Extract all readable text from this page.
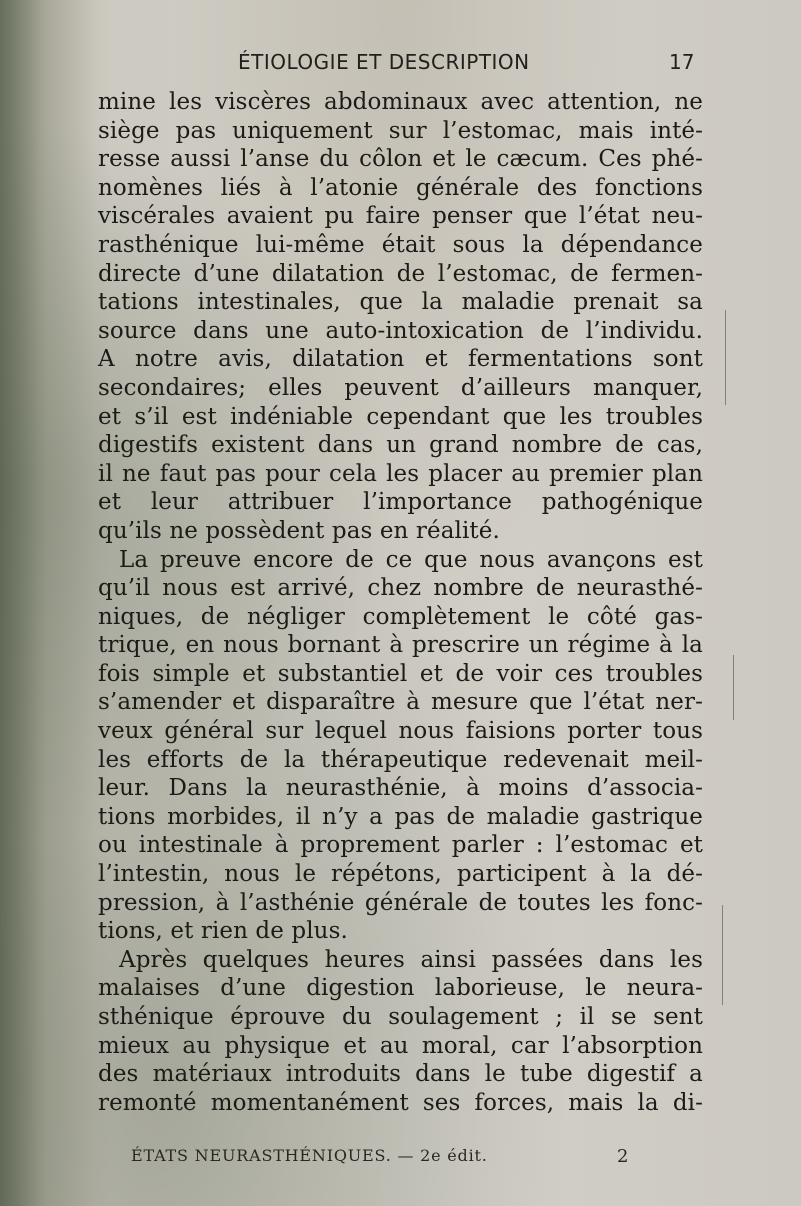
ÉTIOLOGIE ET DESCRIPTION	17
mine les viscères abdominaux avec attention, ne
siège pas uniquement sur l’estomac, mais inté-
resse aussi l’anse du côlon et le cæcum. Ces phé-
nomènes liés à l’atonie générale des fonctions
viscérales avaient pu faire penser que l’état neu-
rasthénique lui-même était sous la dépendance
directe d’une dilatation de l’estomac, de fermen-
tations intestinales, que la maladie prenait sa
source dans une auto-intoxication de l’individu.
A notre avis, dilatation et fermentations sont
secondaires; elles peuvent d’ailleurs manquer,
et s’il est indéniable cependant que les troubles
digestifs existent dans un grand nombre de cas,
il ne faut pas pour cela les placer au premier plan
et leur attribuer l’importance pathogénique
qu’ils ne possèdent pas en réalité.
La preuve encore de ce que nous avançons est
qu’il nous est arrivé, chez nombre de neurasthé-
niques, de négliger complètement le côté gas-
trique, en nous bornant à prescrire un régime à la
fois simple et substantiel et de voir ces troubles
s’amender et disparaître à mesure que l’état ner-
veux général sur lequel nous faisions porter tous
les efforts de la thérapeutique redevenait meil-
leur. Dans la neurasthénie, à moins d’associa-
tions morbides, il n’y a pas de maladie gastrique
ou intestinale à proprement parler : l’estomac et
l’intestin, nous le répétons, participent à la dé-
pression, à l’asthénie générale de toutes les fonc-
tions, et rien de plus.
Après quelques heures ainsi passées dans les
malaises d’une digestion laborieuse, le neura-
sthénique éprouve du soulagement ; il se sent
mieux au physique et au moral, car l’absorption
des matériaux introduits dans le tube digestif a
remonté momentanément ses forces, mais la di-
ÉTATS NEURASTHÉNIQUES. — 2e édit.	2
